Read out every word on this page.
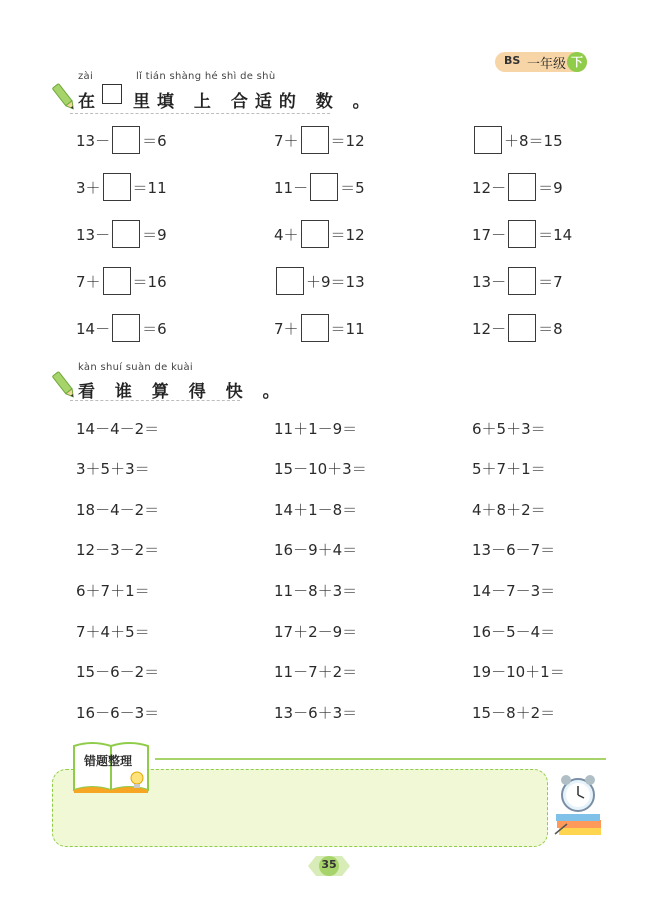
BS 一年级 下
zài	lǐ tián shàng hé shì de shù
在 里填 上 合适的 数 。
13－ ＝6	7＋ ＝12	＋8＝15
3＋ ＝11	11－ ＝5	12－ ＝9
13－ ＝9	4＋ ＝12	17－ ＝14
7＋ ＝16	＋9＝13	13－ ＝7
14－ ＝6	7＋ ＝11	12－ ＝8
kàn shuí suàn de kuài
看 谁 算 得 快 。
14－4－2＝	11＋1－9＝	6＋5＋3＝
3＋5＋3＝	15－10＋3＝	5＋7＋1＝
18－4－2＝	14＋1－8＝	4＋8＋2＝
12－3－2＝	16－9＋4＝	13－6－7＝
6＋7＋1＝	11－8＋3＝	14－7－3＝
7＋4＋5＝	17＋2－9＝	16－5－4＝
15－6－2＝	11－7＋2＝	19－10＋1＝
16－6－3＝	13－6＋3＝	15－8＋2＝
错题整理
35
